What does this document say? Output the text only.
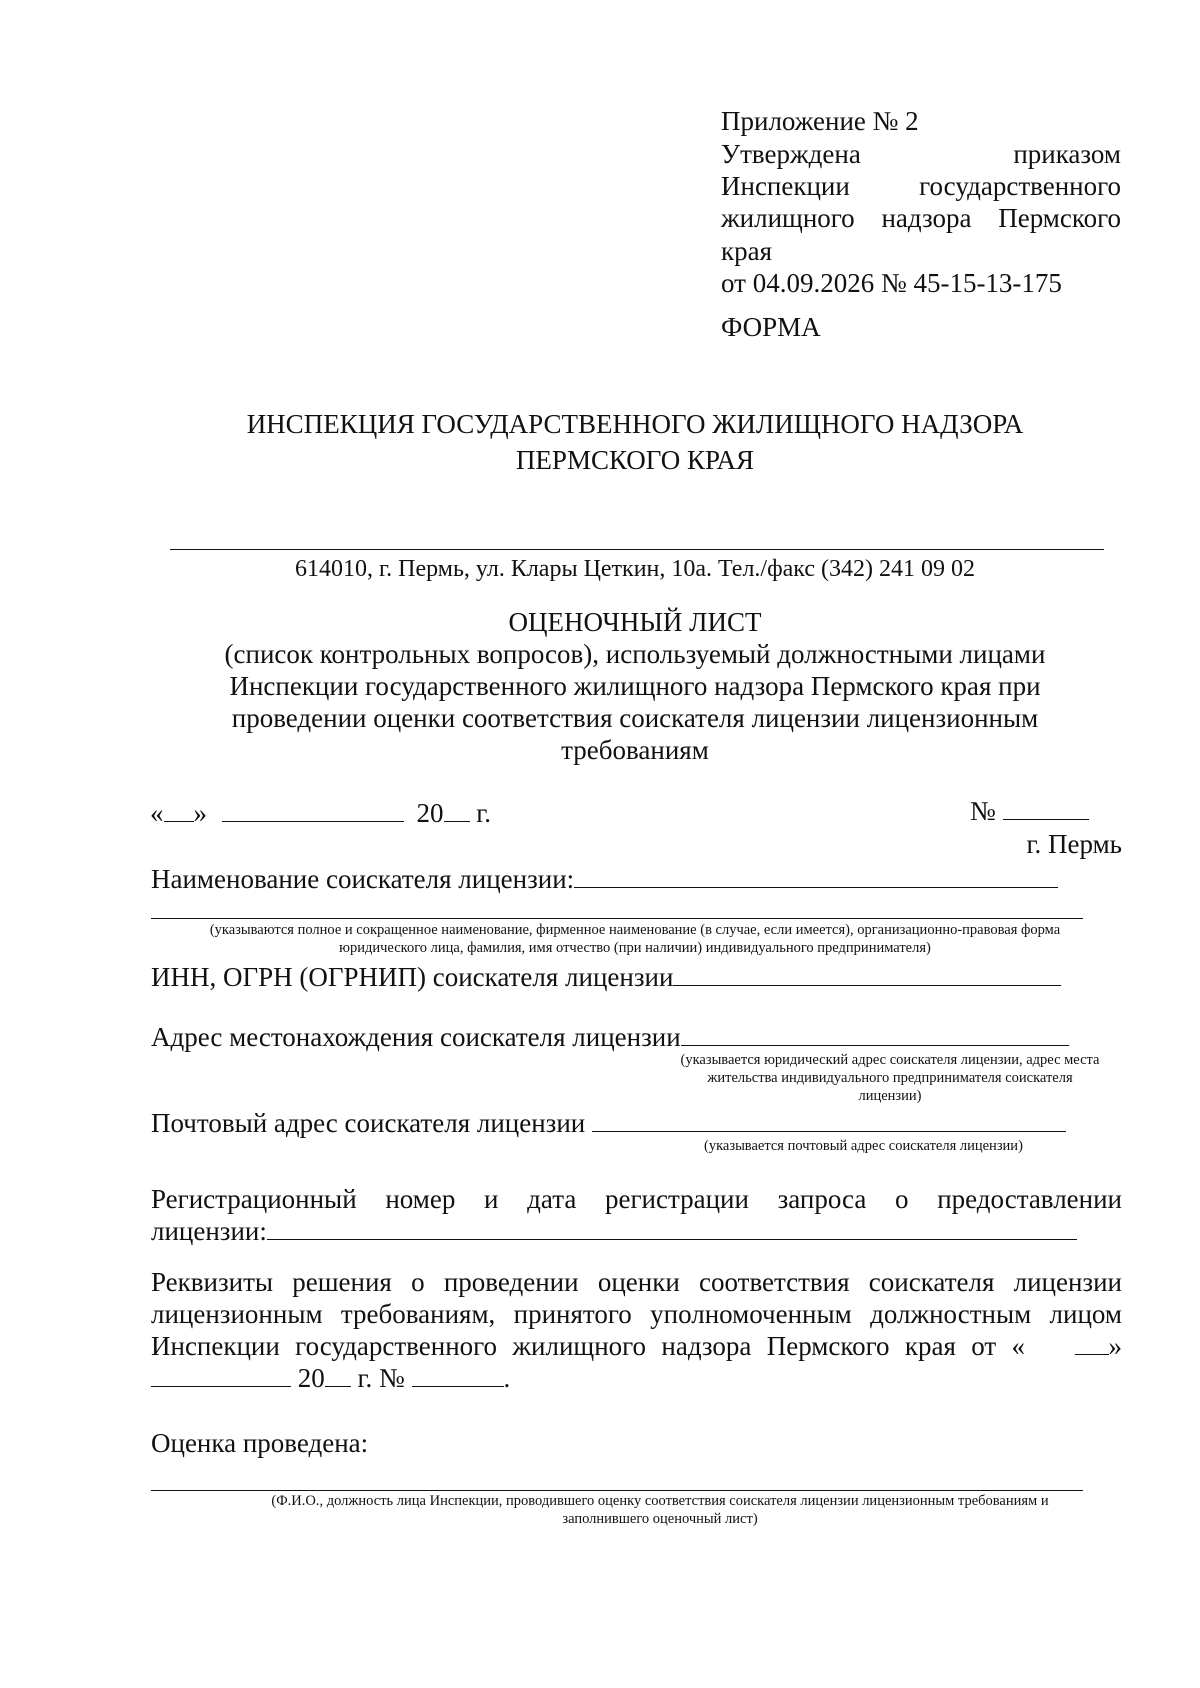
Приложение № 2
Утверждена приказом
Инспекции государственного
жилищного надзора Пермского
края
от 04.09.2026 № 45-15-13-175
ФОРМА
ИНСПЕКЦИЯ ГОСУДАРСТВЕННОГО ЖИЛИЩНОГО НАДЗОРА
ПЕРМСКОГО КРАЯ
614010, г. Пермь, ул. Клары Цеткин, 10а. Тел./факс (342) 241 09 02
ОЦЕНОЧНЫЙ ЛИСТ
(список контрольных вопросов), используемый должностными лицами
Инспекции государственного жилищного надзора Пермского края при
проведении оценки соответствия соискателя лицензии лицензионным
требованиям
« »	20 г.	№
г. Пермь
Наименование соискателя лицензии:
(указываются полное и сокращенное наименование, фирменное наименование (в случае, если имеется), организационно-правовая форма
юридического лица, фамилия, имя отчество (при наличии) индивидуального предпринимателя)
ИНН, ОГРН (ОГРНИП) соискателя лицензии
Адрес местонахождения соискателя лицензии
(указывается юридический адрес соискателя лицензии, адрес места
жительства индивидуального предпринимателя соискателя
лицензии)
Почтовый адрес соискателя лицензии
(указывается почтовый адрес соискателя лицензии)
Регистрационный номер и дата регистрации запроса о предоставлении
лицензии:
Реквизиты решения о проведении оценки соответствия соискателя лицензии
лицензионным требованиям, принятого уполномоченным должностным лицом
Инспекции государственного жилищного надзора Пермского края от «	»
20 г. №	.
Оценка проведена:
(Ф.И.О., должность лица Инспекции, проводившего оценку соответствия соискателя лицензии лицензионным требованиям и
заполнившего оценочный лист)
